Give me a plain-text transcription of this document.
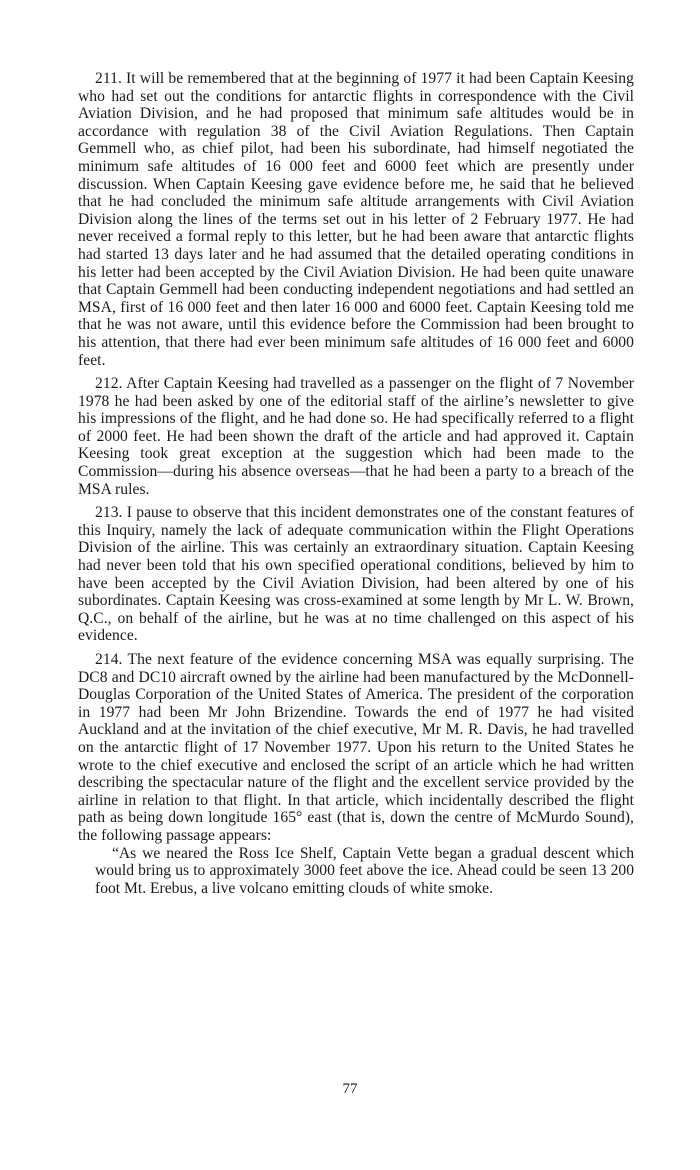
211. It will be remembered that at the beginning of 1977 it had been Captain Keesing who had set out the conditions for antarctic flights in correspondence with the Civil Aviation Division, and he had proposed that minimum safe altitudes would be in accordance with regulation 38 of the Civil Aviation Regulations. Then Captain Gemmell who, as chief pilot, had been his subordinate, had himself negotiated the minimum safe altitudes of 16 000 feet and 6000 feet which are presently under discussion. When Captain Keesing gave evidence before me, he said that he believed that he had concluded the minimum safe altitude arrangements with Civil Aviation Division along the lines of the terms set out in his letter of 2 February 1977. He had never received a formal reply to this letter, but he had been aware that antarctic flights had started 13 days later and he had assumed that the detailed operating conditions in his letter had been accepted by the Civil Aviation Division. He had been quite unaware that Captain Gemmell had been conducting independent negotiations and had settled an MSA, first of 16 000 feet and then later 16 000 and 6000 feet. Captain Keesing told me that he was not aware, until this evidence before the Commission had been brought to his attention, that there had ever been minimum safe altitudes of 16 000 feet and 6000 feet.

212. After Captain Keesing had travelled as a passenger on the flight of 7 November 1978 he had been asked by one of the editorial staff of the airline’s newsletter to give his impressions of the flight, and he had done so. He had specifically referred to a flight of 2000 feet. He had been shown the draft of the article and had approved it. Captain Keesing took great exception at the suggestion which had been made to the Commission—during his absence overseas—that he had been a party to a breach of the MSA rules.

213. I pause to observe that this incident demonstrates one of the constant features of this Inquiry, namely the lack of adequate communication within the Flight Operations Division of the airline. This was certainly an extraordinary situation. Captain Keesing had never been told that his own specified operational conditions, believed by him to have been accepted by the Civil Aviation Division, had been altered by one of his subordinates. Captain Keesing was cross-examined at some length by Mr L. W. Brown, Q.C., on behalf of the airline, but he was at no time challenged on this aspect of his evidence.

214. The next feature of the evidence concerning MSA was equally surprising. The DC8 and DC10 aircraft owned by the airline had been manufactured by the McDonnell-Douglas Corporation of the United States of America. The president of the corporation in 1977 had been Mr John Brizendine. Towards the end of 1977 he had visited Auckland and at the invitation of the chief executive, Mr M. R. Davis, he had travelled on the antarctic flight of 17 November 1977. Upon his return to the United States he wrote to the chief executive and enclosed the script of an article which he had written describing the spectacular nature of the flight and the excellent service provided by the airline in relation to that flight. In that article, which incidentally described the flight path as being down longitude 165° east (that is, down the centre of McMurdo Sound), the following passage appears:

“As we neared the Ross Ice Shelf, Captain Vette began a gradual descent which would bring us to approximately 3000 feet above the ice. Ahead could be seen 13 200 foot Mt. Erebus, a live volcano emitting clouds of white smoke.

77
